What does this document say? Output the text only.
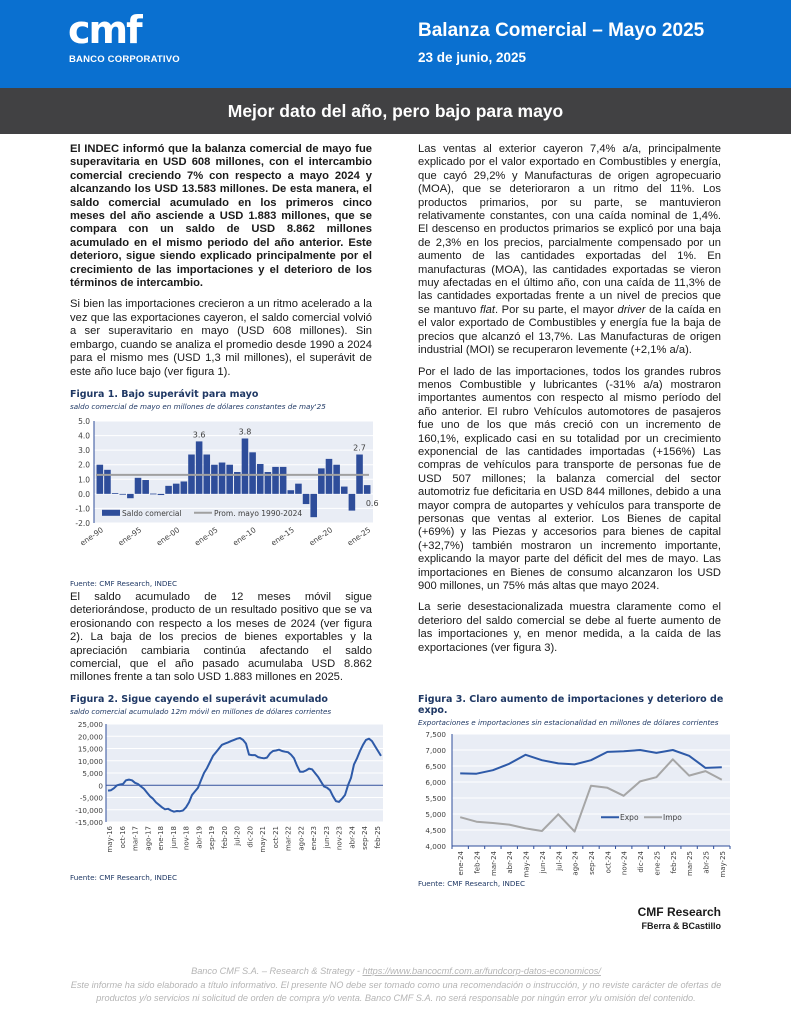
cmf
BANCO CORPORATIVO
Balanza Comercial – Mayo 2025
23 de junio, 2025
Mejor dato del año, pero bajo para mayo

El INDEC informó que la balanza comercial de mayo fue superavitaria en USD 608 millones, con el intercambio comercial creciendo 7% con respecto a mayo 2024 y alcanzando los USD 13.583 millones. De esta manera, el saldo comercial acumulado en los primeros cinco meses del año asciende a USD 1.883 millones, que se compara con un saldo de USD 8.862 millones acumulado en el mismo periodo del año anterior. Este deterioro, sigue siendo explicado principalmente por el crecimiento de las importaciones y el deterioro de los términos de intercambio.

Si bien las importaciones crecieron a un ritmo acelerado a la vez que las exportaciones cayeron, el saldo comercial volvió a ser superavitario en mayo (USD 608 millones). Sin embargo, cuando se analiza el promedio desde 1990 a 2024 para el mismo mes (USD 1,3 mil millones), el superávit de este año luce bajo (ver figura 1).

Figura 1. Bajo superávit para mayo
saldo comercial de mayo en millones de dólares constantes de may'25
5.0
4.0
3.0
2.0
1.0
0.0
-1.0
-2.0
3.6	3.8
2.7
0.6
Saldo comercial	Prom. mayo 1990-2024
ene-90 ene-95 ene-00 ene-05 ene-10 ene-15 ene-20 ene-25
Fuente: CMF Research, INDEC

El saldo acumulado de 12 meses móvil sigue deteriorándose, producto de un resultado positivo que se va erosionando con respecto a los meses de 2024 (ver figura 2). La baja de los precios de bienes exportables y la apreciación cambiaria continúa afectando el saldo comercial, que el año pasado acumulaba USD 8.862 millones frente a tan solo USD 1.883 millones en 2025.

Figura 2. Sigue cayendo el superávit acumulado
saldo comercial acumulado 12m móvil en millones de dólares corrientes
25,000
20,000
15,000
10,000
5,000
0
-5,000
-10,000
-15,000
may-16 oct-16 mar-17 ago-17 ene-18 jun-18 nov-18 abr-19 sep-19 feb-20 jul-20 dic-20 may-21 oct-21 mar-22 ago-22 ene-23 jun-23 nov-23 abr-24 sep-24 feb-25
Fuente: CMF Research, INDEC

Las ventas al exterior cayeron 7,4% a/a, principalmente explicado por el valor exportado en Combustibles y energía, que cayó 29,2% y Manufacturas de origen agropecuario (MOA), que se deterioraron a un ritmo del 11%. Los productos primarios, por su parte, se mantuvieron relativamente constantes, con una caída nominal de 1,4%. El descenso en productos primarios se explicó por una baja de 2,3% en los precios, parcialmente compensado por un aumento de las cantidades exportadas del 1%. En manufacturas (MOA), las cantidades exportadas se vieron muy afectadas en el último año, con una caída de 11,3% de las cantidades exportadas frente a un nivel de precios que se mantuvo flat. Por su parte, el mayor driver de la caída en el valor exportado de Combustibles y energía fue la baja de precios que alcanzó el 13,7%. Las Manufacturas de origen industrial (MOI) se recuperaron levemente (+2,1% a/a).

Por el lado de las importaciones, todos los grandes rubros menos Combustible y lubricantes (-31% a/a) mostraron importantes aumentos con respecto al mismo período del año anterior. El rubro Vehículos automotores de pasajeros fue uno de los que más creció con un incremento de 160,1%, explicado casi en su totalidad por un crecimiento exponencial de las cantidades importadas (+156%) Las compras de vehículos para transporte de personas fue de USD 507 millones; la balanza comercial del sector automotriz fue deficitaria en USD 844 millones, debido a una mayor compra de autopartes y vehículos para transporte de personas que ventas al exterior. Los Bienes de capital (+69%) y las Piezas y accesorios para bienes de capital (+32,7%) también mostraron un incremento importante, explicando la mayor parte del déficit del mes de mayo. Las importaciones en Bienes de consumo alcanzaron los USD 900 millones, un 75% más altas que mayo 2024.

La serie desestacionalizada muestra claramente como el deterioro del saldo comercial se debe al fuerte aumento de las importaciones y, en menor medida, a la caída de las exportaciones (ver figura 3).

Figura 3. Claro aumento de importaciones y deterioro de expo.
Exportaciones e importaciones sin estacionalidad en millones de dólares corrientes
7,500
7,000
6,500
6,000
5,500
5,000
4,500
4,000
ene-24 feb-24 mar-24 abr-24 may-24 jun-24 jul-24 ago-24 sep-24 oct-24 nov-24 dic-24 ene-25 feb-25 mar-25 abr-25 may-25
Expo	Impo
Fuente: CMF Research, INDEC
CMF Research
FBerra & BCastillo
Banco CMF S.A. – Research & Strategy - https://www.bancocmf.com.ar/fundcorp-datos-economicos/
Este informe ha sido elaborado a título informativo. El presente NO debe ser tomado como una recomendación o instrucción, y no reviste carácter de ofertas de productos y/o servicios ni solicitud de orden de compra y/o venta. Banco CMF S.A. no será responsable por ningún error y/u omisión del contenido.
